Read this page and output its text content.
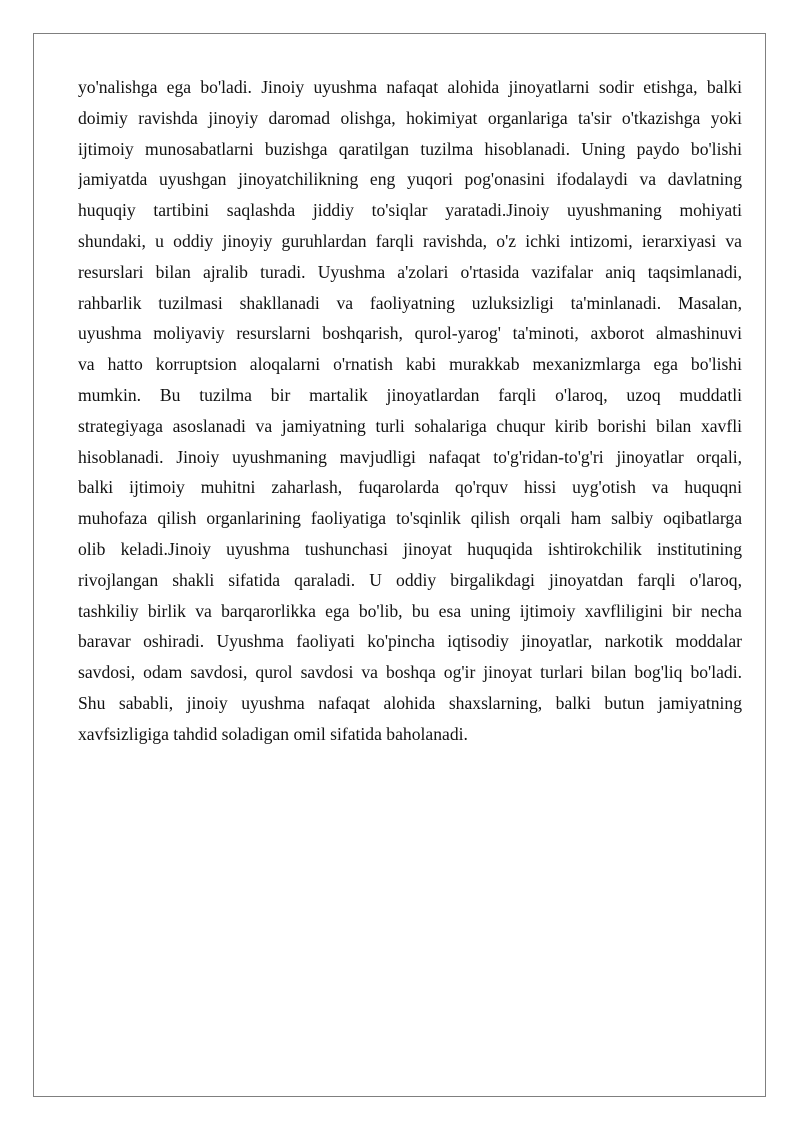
yo'nalishga ega bo'ladi. Jinoiy uyushma nafaqat alohida jinoyatlarni sodir etishga, balki
doimiy ravishda jinoyiy daromad olishga, hokimiyat organlariga ta'sir o'tkazishga yoki
ijtimoiy munosabatlarni buzishga qaratilgan tuzilma hisoblanadi. Uning paydo bo'lishi
jamiyatda uyushgan jinoyatchilikning eng yuqori pog'onasini ifodalaydi va davlatning
huquqiy tartibini saqlashda jiddiy to'siqlar yaratadi.Jinoiy uyushmaning mohiyati
shundaki, u oddiy jinoyiy guruhlardan farqli ravishda, o'z ichki intizomi, ierarxiyasi va
resurslari bilan ajralib turadi. Uyushma a'zolari o'rtasida vazifalar aniq taqsimlanadi,
rahbarlik tuzilmasi shakllanadi va faoliyatning uzluksizligi ta'minlanadi. Masalan,
uyushma moliyaviy resurslarni boshqarish, qurol-yarog' ta'minoti, axborot almashinuvi
va hatto korruptsion aloqalarni o'rnatish kabi murakkab mexanizmlarga ega bo'lishi
mumkin. Bu tuzilma bir martalik jinoyatlardan farqli o'laroq, uzoq muddatli
strategiyaga asoslanadi va jamiyatning turli sohalariga chuqur kirib borishi bilan xavfli
hisoblanadi. Jinoiy uyushmaning mavjudligi nafaqat to'g'ridan-to'g'ri jinoyatlar orqali,
balki ijtimoiy muhitni zaharlash, fuqarolarda qo'rquv hissi uyg'otish va huquqni
muhofaza qilish organlarining faoliyatiga to'sqinlik qilish orqali ham salbiy oqibatlarga
olib keladi.Jinoiy uyushma tushunchasi jinoyat huquqida ishtirokchilik institutining
rivojlangan shakli sifatida qaraladi. U oddiy birgalikdagi jinoyatdan farqli o'laroq,
tashkiliy birlik va barqarorlikka ega bo'lib, bu esa uning ijtimoiy xavfliligini bir necha
baravar oshiradi. Uyushma faoliyati ko'pincha iqtisodiy jinoyatlar, narkotik moddalar
savdosi, odam savdosi, qurol savdosi va boshqa og'ir jinoyat turlari bilan bog'liq bo'ladi.
Shu sababli, jinoiy uyushma nafaqat alohida shaxslarning, balki butun jamiyatning
xavfsizligiga tahdid soladigan omil sifatida baholanadi.
